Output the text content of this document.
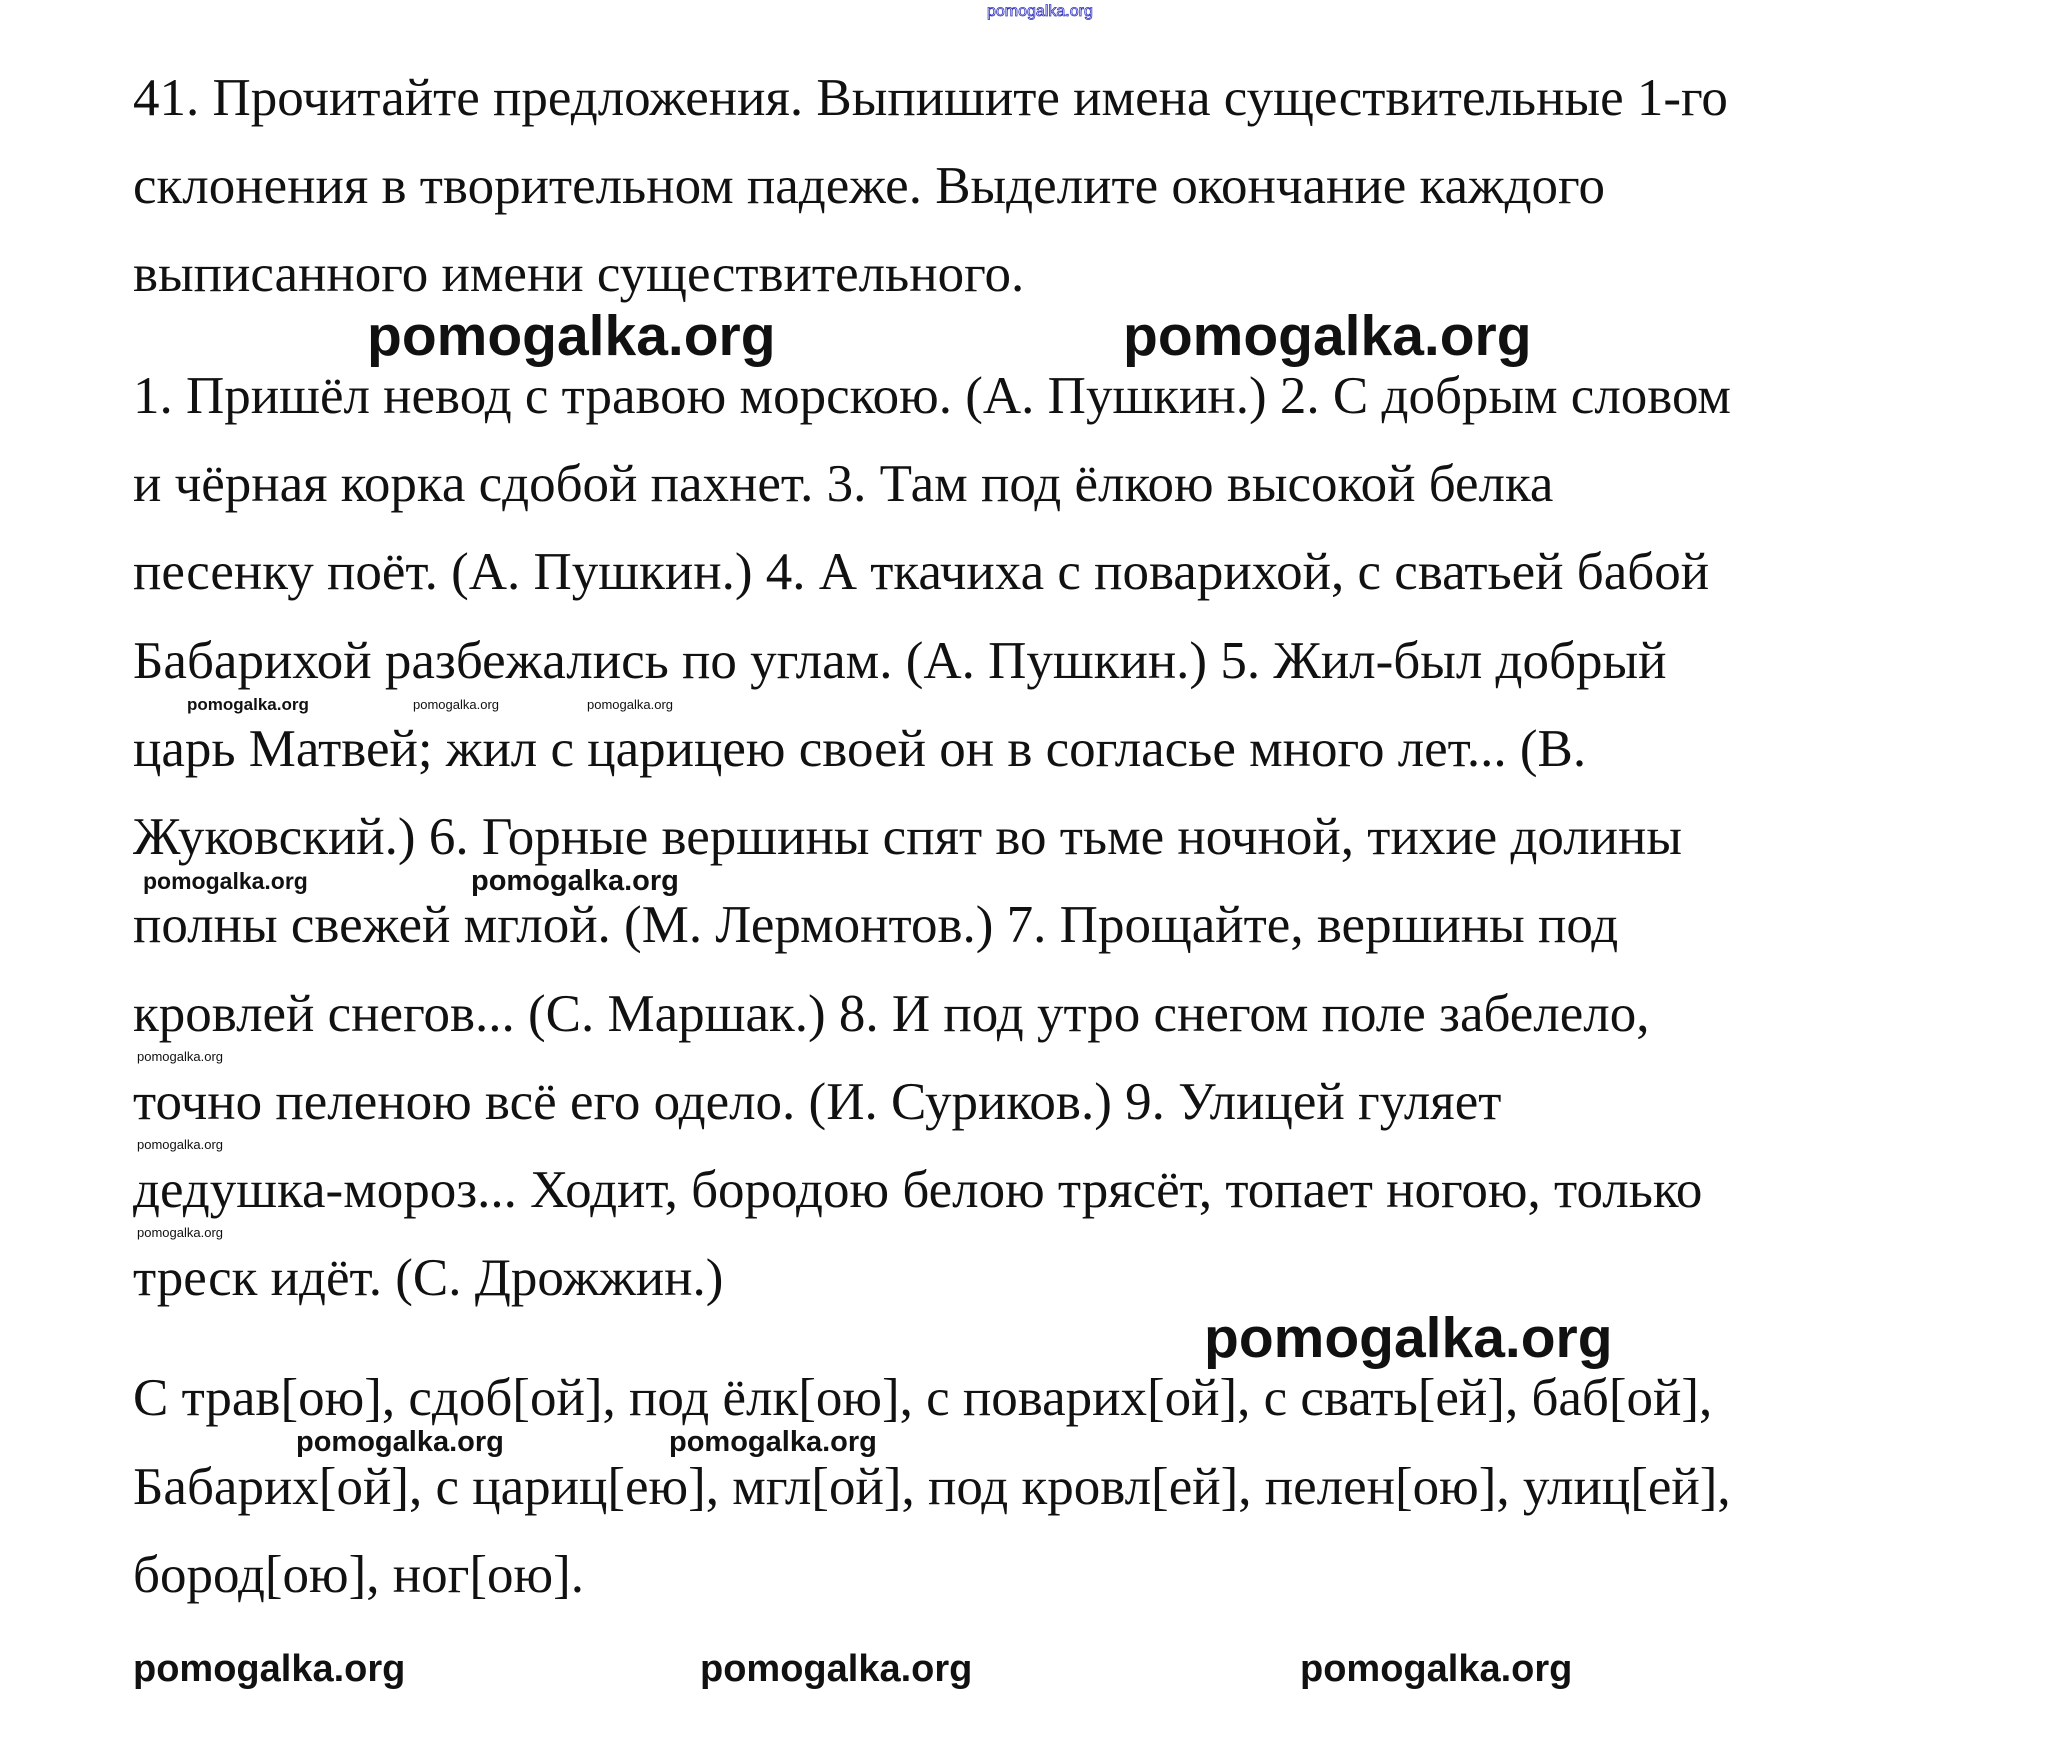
pomogalka.org
41. Прочитайте предложения. Выпишите имена существительные 1-го
склонения в творительном падеже. Выделите окончание каждого
выписанного имени существительного.
1. Пришёл невод с травою морскою. (А. Пушкин.) 2. С добрым словом
и чёрная корка сдобой пахнет. 3. Там под ёлкою высокой белка
песенку поёт. (А. Пушкин.) 4. А ткачиха с поварихой, с сватьей бабой
Бабарихой разбежались по углам. (А. Пушкин.) 5. Жил-был добрый
царь Матвей; жил с царицею своей он в согласье много лет... (В.
Жуковский.) 6. Горные вершины спят во тьме ночной, тихие долины
полны свежей мглой. (М. Лермонтов.) 7. Прощайте, вершины под
кровлей снегов... (С. Маршак.) 8. И под утро снегом поле забелело,
точно пеленою всё его одело. (И. Суриков.) 9. Улицей гуляет
дедушка-мороз... Ходит, бородою белою трясёт, топает ногою, только
треск идёт. (С. Дрожжин.)
С трав[ою], сдоб[ой], под ёлк[ою], с поварих[ой], с свать[ей], баб[ой],
Бабарих[ой], с цариц[ею], мгл[ой], под кровл[ей], пелен[ою], улиц[ей],
бород[ою], ног[ою].
pomogalka.org	pomogalka.org
pomogalka.org
pomogalka.org	pomogalka.org	pomogalka.org
pomogalka.org
pomogalka.org
pomogalka.org	pomogalka.org
pomogalka.org	pomogalka.org	pomogalka.org
pomogalka.org
pomogalka.org
pomogalka.org
